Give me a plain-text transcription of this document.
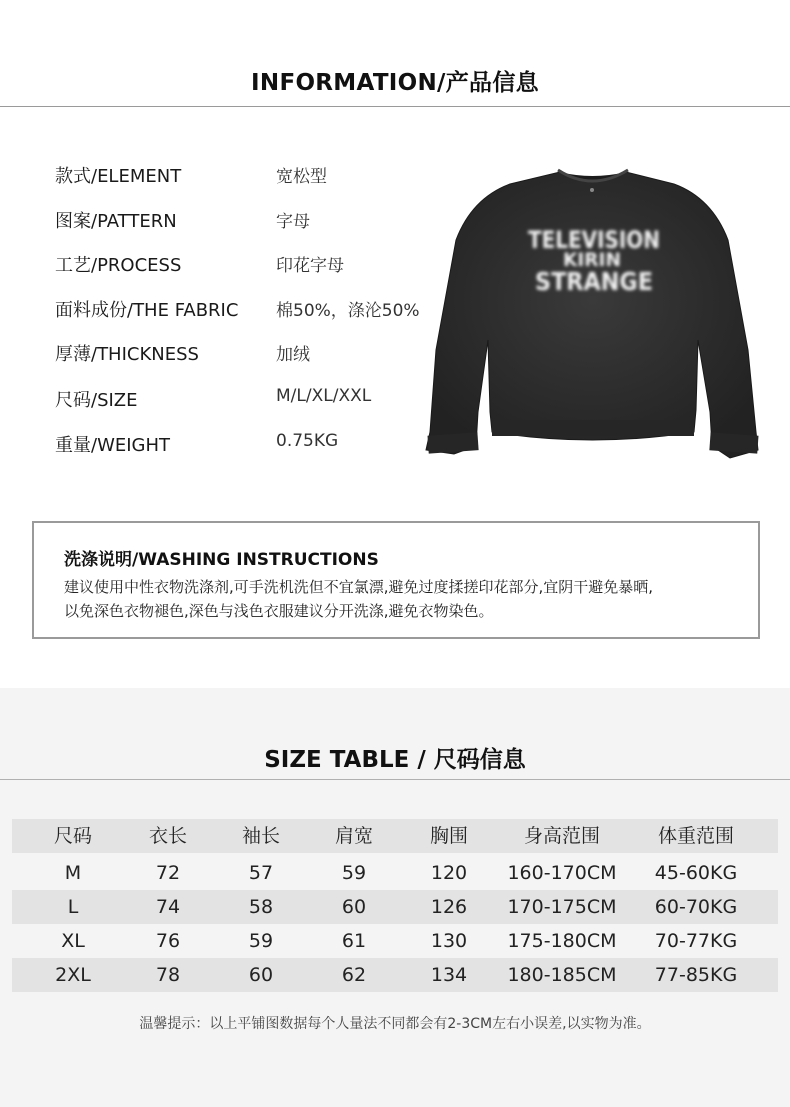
INFORMATION/产品信息
款式/ELEMENT	宽松型
图案/PATTERN	字母
工艺/PROCESS	印花字母
面料成份/THE FABRIC 棉50%，涤沦50%
厚薄/THICKNESS	加绒
尺码/SIZE	M/L/XL/XXL
重量/WEIGHT	0.75KG
TELEVISION
KIRIN
STRANGE
洗涤说明/WASHING INSTRUCTIONS
建议使用中性衣物洗涤剂,可手洗机洗但不宜氯漂,避免过度揉搓印花部分,宜阴干避免暴晒,
以免深色衣物褪色,深色与浅色衣服建议分开洗涤,避免衣物染色。
SIZE TABLE / 尺码信息
尺码	衣长	袖长	肩宽	胸围	身高范围	体重范围
M	72	57	59	120	160-170CM	45-60KG
L	74	58	60	126	170-175CM	60-70KG
XL	76	59	61	130	175-180CM	70-77KG
2XL	78	60	62	134	180-185CM	77-85KG
温馨提示：以上平铺图数据每个人量法不同都会有2-3CM左右小误差,以实物为准。
